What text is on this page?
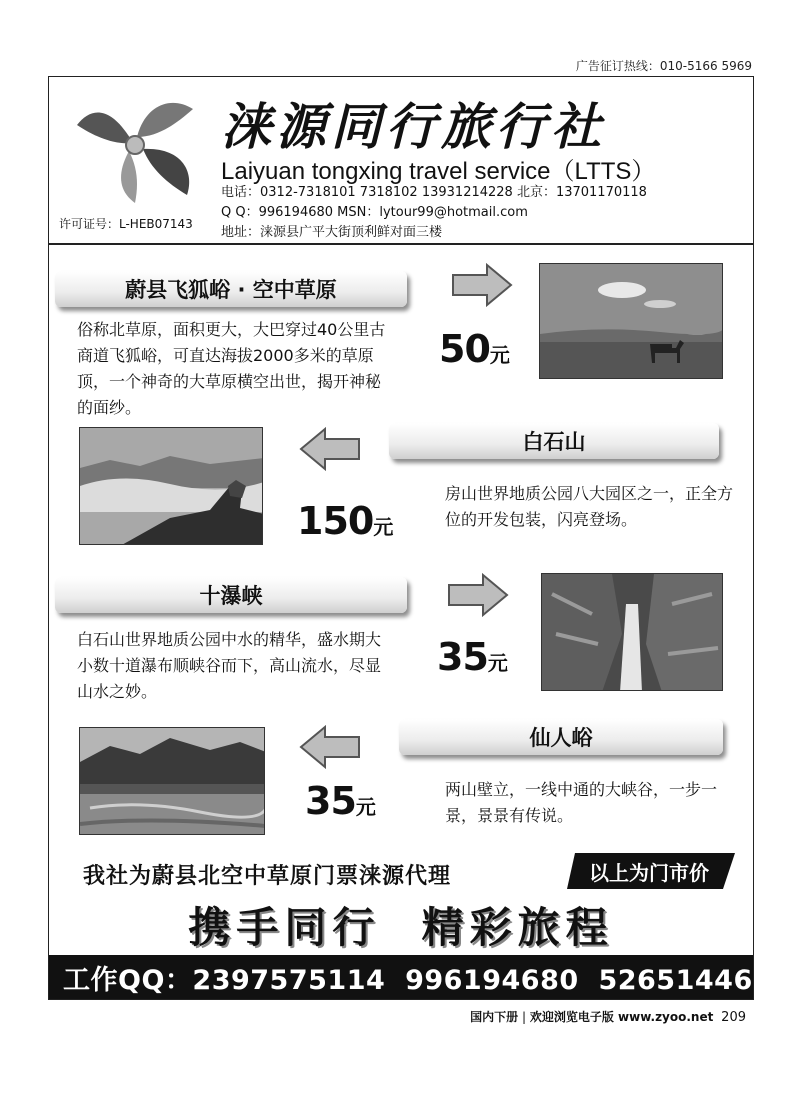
广告征订热线：010-5166 5969
许可证号：L-HEB07143
涞源同行旅行社
Laiyuan tongxing travel service（LTTS）
电话：0312-7318101 7318102 13931214228 北京：13701170118
Q Q：996194680 MSN：lytour99@hotmail.com
地址：涞源县广平大街顶利鲜对面三楼
蔚县飞狐峪 · 空中草原
俗称北草原，面积更大，大巴穿过40公里古商道飞狐峪，可直达海拔2000多米的草原顶，一个神奇的大草原横空出世，揭开神秘的面纱。
50元
白石山
150元
房山世界地质公园八大园区之一，正全方位的开发包装，闪亮登场。
十瀑峡
白石山世界地质公园中水的精华，盛水期大小数十道瀑布顺峡谷而下，高山流水，尽显山水之妙。
35元
仙人峪
35元
两山壁立，一线中通的大峡谷，一步一景，景景有传说。
我社为蔚县北空中草原门票涞源代理	以上为门市价
携手同行  精彩旅程
工作QQ：2397575114  996194680  526514465
国内下册 | 欢迎浏览电子版 www.zyoo.net 209
